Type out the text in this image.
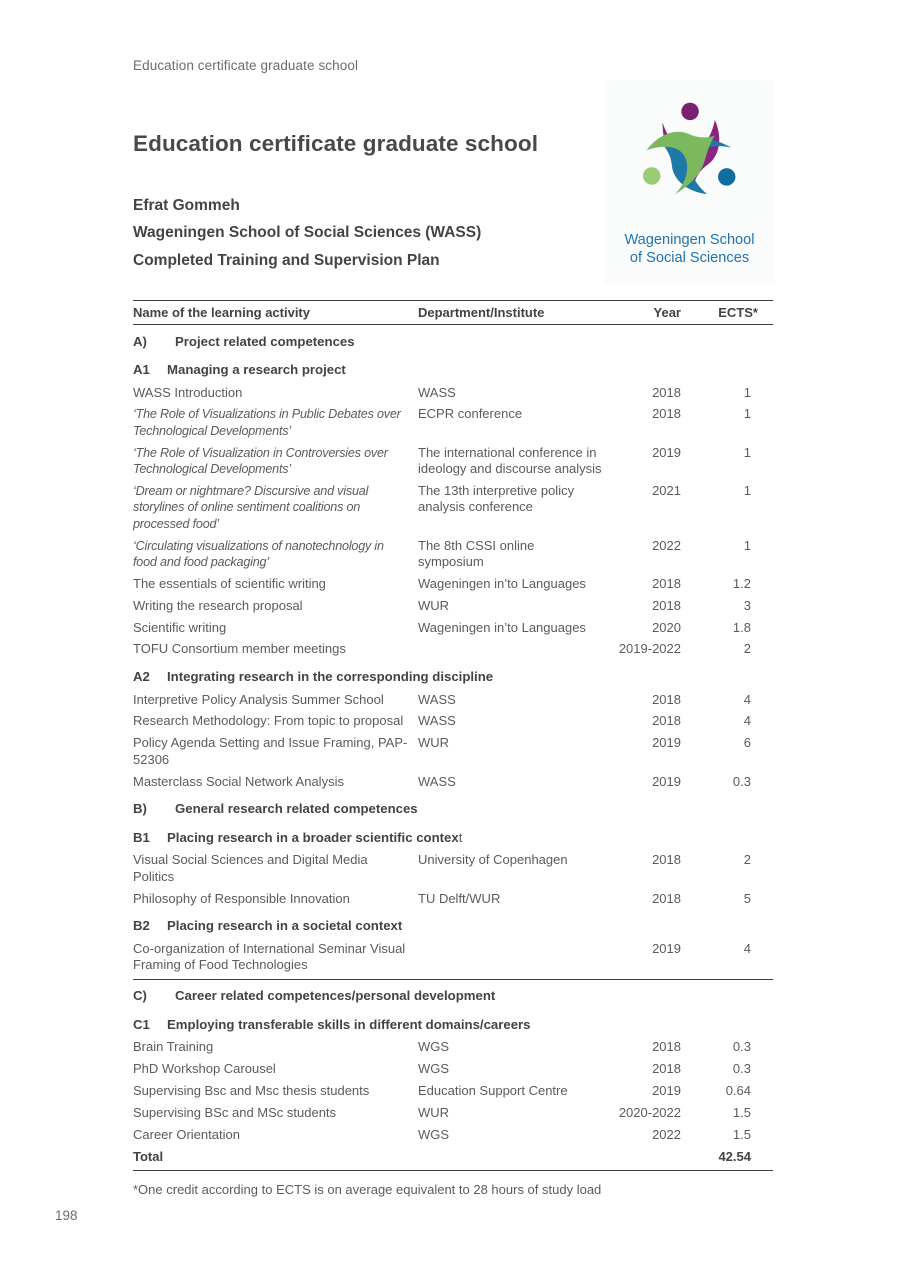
Education certificate graduate school
Education certificate graduate school
Efrat Gommeh
Wageningen School of Social Sciences (WASS)
Completed Training and Supervision Plan
Wageningen School
of Social Sciences
Name of the learning activity	Department/Institute	Year	ECTS*
A) Project related competences			
A1 Managing a research project			
WASS Introduction	WASS	2018	1
‘The Role of Visualizations in Public Debates over Technological Developments’	ECPR conference	2018	1
‘The Role of Visualization in Controversies over Technological Developments’	The international conference in ideology and discourse analysis	2019	1
‘Dream or nightmare? Discursive and visual storylines of online sentiment coalitions on processed food’	The 13th interpretive policy analysis conference	2021	1
‘Circulating visualizations of nanotechnology in food and food packaging’	The 8th CSSI online symposium	2022	1
The essentials of scientific writing	Wageningen in’to Languages	2018	1.2
Writing the research proposal	WUR	2018	3
Scientific writing	Wageningen in’to Languages	2020	1.8
TOFU Consortium member meetings		2019-2022	2
A2 Integrating research in the corresponding discipline			
Interpretive Policy Analysis Summer School	WASS	2018	4
Research Methodology: From topic to proposal	WASS	2018	4
Policy Agenda Setting and Issue Framing, PAP-52306	WUR	2019	6
Masterclass Social Network Analysis	WASS	2019	0.3
B) General research related competences			
B1 Placing research in a broader scientific context			
Visual Social Sciences and Digital Media Politics	University of Copenhagen	2018	2
Philosophy of Responsible Innovation	TU Delft/WUR	2018	5
B2 Placing research in a societal context			
Co-organization of International Seminar Visual Framing of Food Technologies		2019	4
C) Career related competences/personal development			
C1 Employing transferable skills in different domains/careers			
Brain Training	WGS	2018	0.3
PhD Workshop Carousel	WGS	2018	0.3
Supervising Bsc and Msc thesis students	Education Support Centre	2019	0.64
Supervising BSc and MSc students	WUR	2020-2022	1.5
Career Orientation	WGS	2022	1.5
Total			42.54
*One credit according to ECTS is on average equivalent to 28 hours of study load
198
